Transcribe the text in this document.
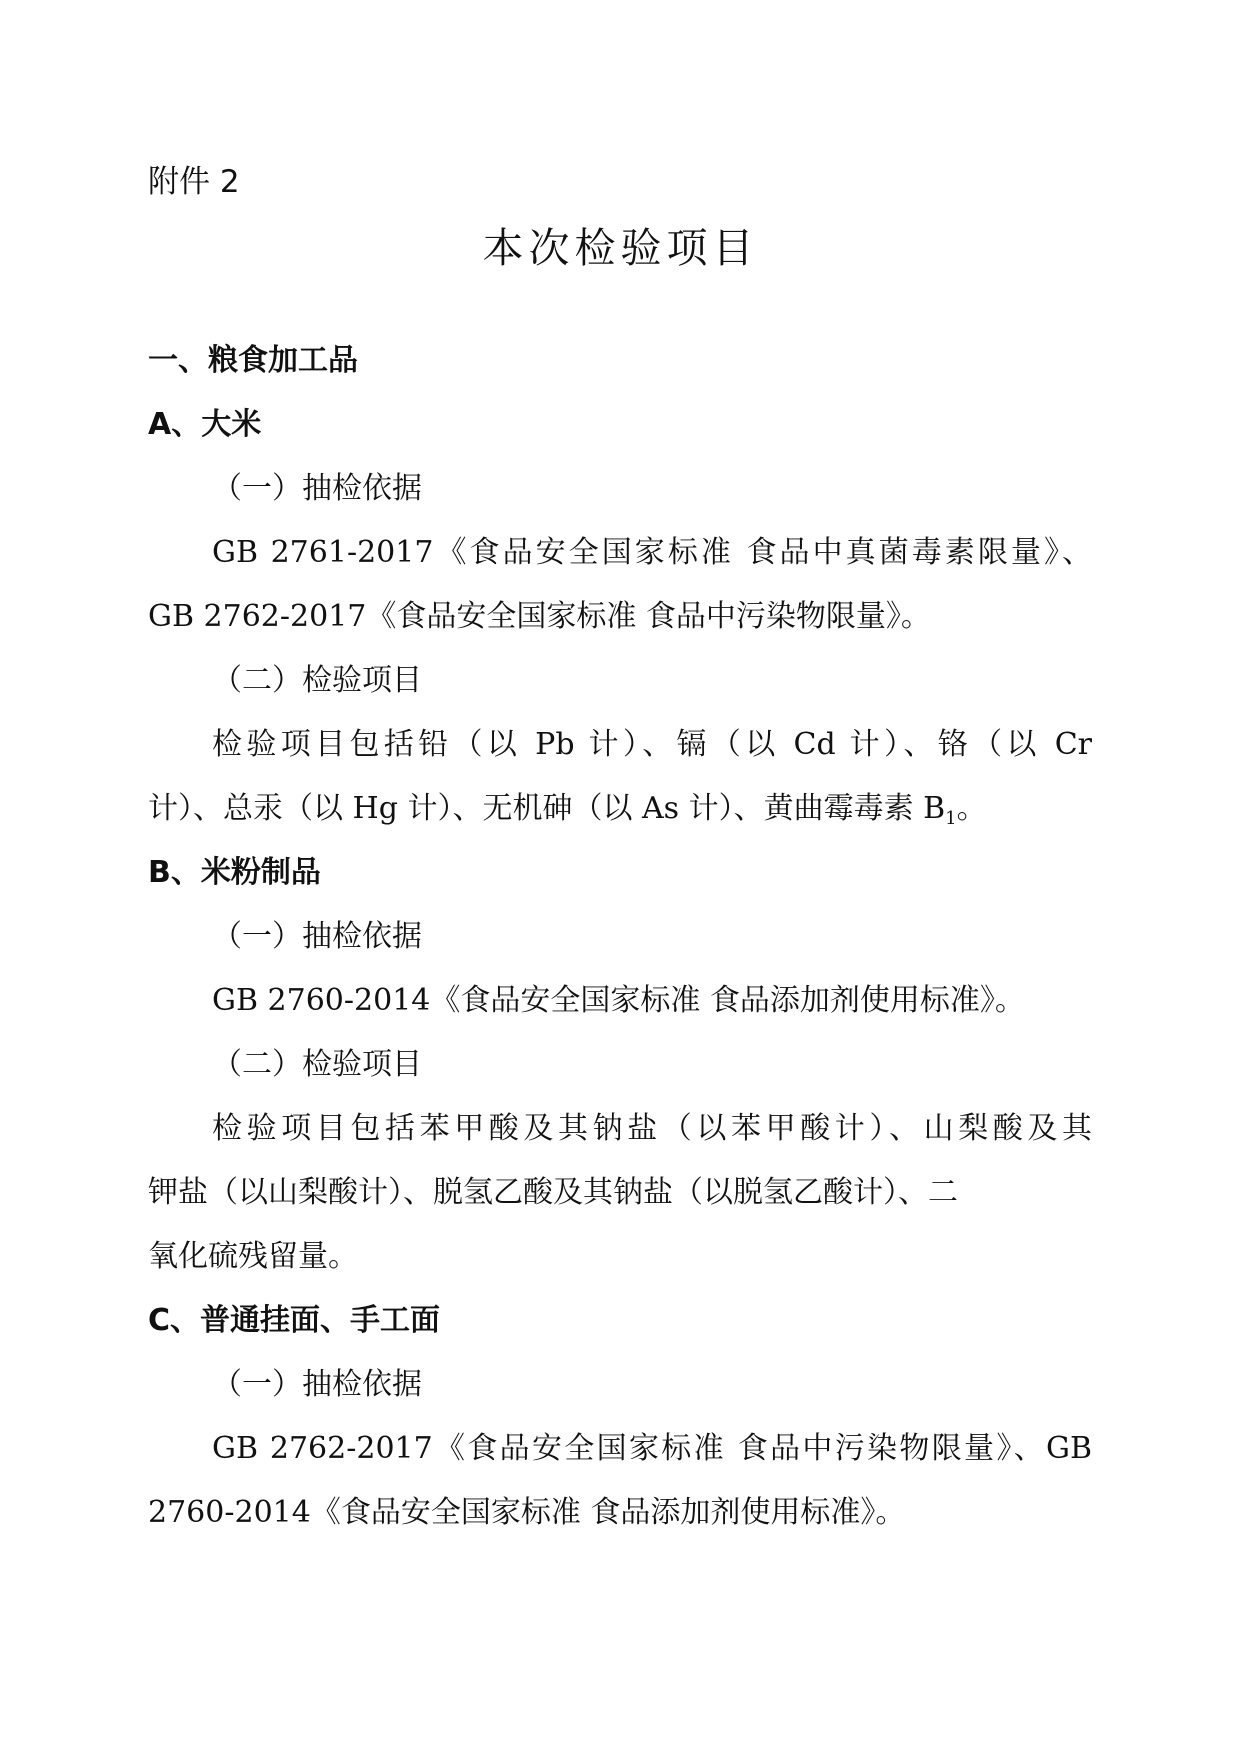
附件 2
本次检验项目
一、粮食加工品
A、大米
（一）抽检依据
GB 2761-2017《食品安全国家标准 食品中真菌毒素限量》、
GB 2762-2017《食品安全国家标准 食品中污染物限量》。
（二）检验项目
检验项目包括铅（以 Pb 计）、镉（以 Cd 计）、铬（以 Cr
计）、总汞（以 Hg 计）、无机砷（以 As 计）、黄曲霉毒素 $B_1$。
B、米粉制品
（一）抽检依据
GB 2760-2014《食品安全国家标准 食品添加剂使用标准》。
（二）检验项目
检验项目包括苯甲酸及其钠盐（以苯甲酸计）、山梨酸及其
钾盐（以山梨酸计）、脱氢乙酸及其钠盐（以脱氢乙酸计）、二
氧化硫残留量。
C、普通挂面、手工面
（一）抽检依据
GB 2762-2017《食品安全国家标准 食品中污染物限量》、GB
2760-2014《食品安全国家标准 食品添加剂使用标准》。
